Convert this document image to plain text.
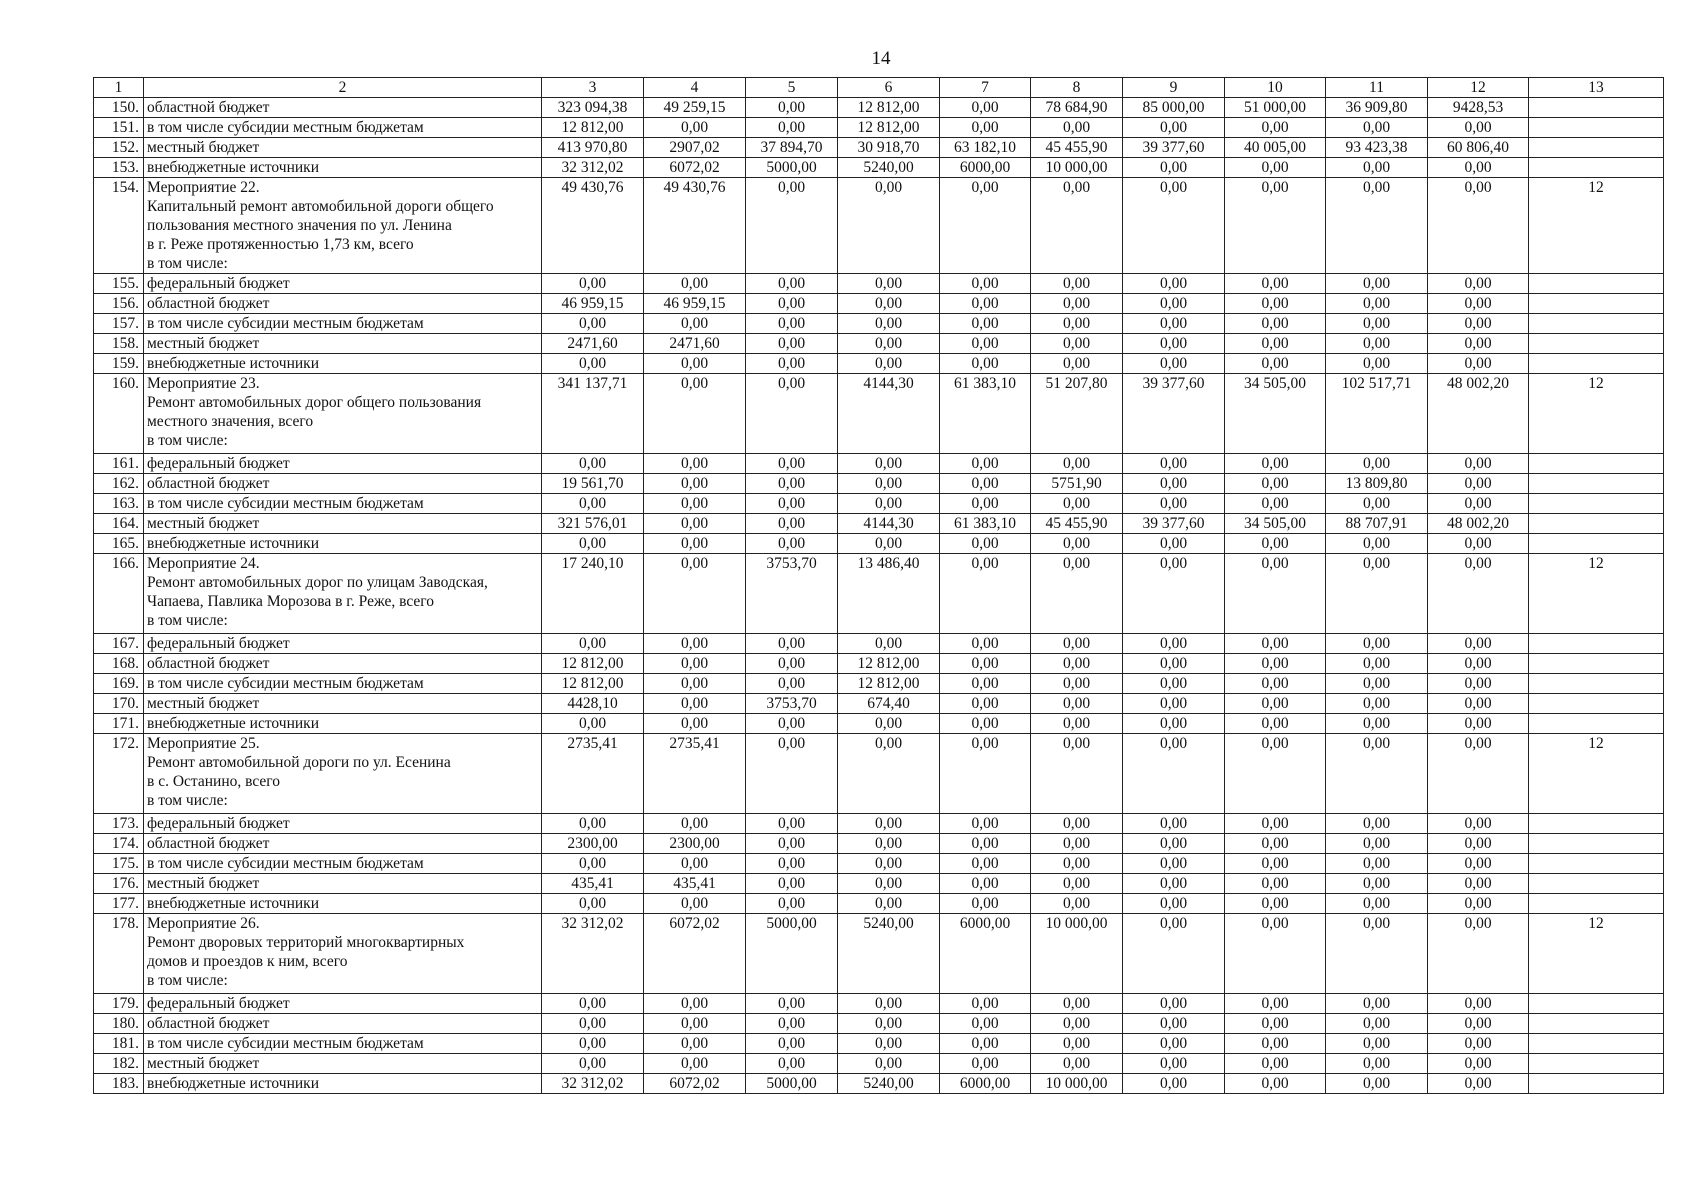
14
1	2	3	4	5	6	7	8	9	10	11	12	13
150.	областной бюджет	323 094,38	49 259,15	0,00	12 812,00	0,00	78 684,90	85 000,00	51 000,00	36 909,80	9428,53	
151.	в том числе субсидии местным бюджетам	12 812,00	0,00	0,00	12 812,00	0,00	0,00	0,00	0,00	0,00	0,00	
152.	местный бюджет	413 970,80	2907,02	37 894,70	30 918,70	63 182,10	45 455,90	39 377,60	40 005,00	93 423,38	60 806,40	
153.	внебюджетные источники	32 312,02	6072,02	5000,00	5240,00	6000,00	10 000,00	0,00	0,00	0,00	0,00	
154.	Мероприятие 22.
Капитальный ремонт автомобильной дороги общего
пользования местного значения по ул. Ленина
в г. Реже протяженностью 1,73 км, всего
в том числе:	49 430,76	49 430,76	0,00	0,00	0,00	0,00	0,00	0,00	0,00	0,00	12
155.	федеральный бюджет	0,00	0,00	0,00	0,00	0,00	0,00	0,00	0,00	0,00	0,00	
156.	областной бюджет	46 959,15	46 959,15	0,00	0,00	0,00	0,00	0,00	0,00	0,00	0,00	
157.	в том числе субсидии местным бюджетам	0,00	0,00	0,00	0,00	0,00	0,00	0,00	0,00	0,00	0,00	
158.	местный бюджет	2471,60	2471,60	0,00	0,00	0,00	0,00	0,00	0,00	0,00	0,00	
159.	внебюджетные источники	0,00	0,00	0,00	0,00	0,00	0,00	0,00	0,00	0,00	0,00	
160.	Мероприятие 23.
Ремонт автомобильных дорог общего пользования
местного значения, всего
в том числе:	341 137,71	0,00	0,00	4144,30	61 383,10	51 207,80	39 377,60	34 505,00	102 517,71	48 002,20	12
161.	федеральный бюджет	0,00	0,00	0,00	0,00	0,00	0,00	0,00	0,00	0,00	0,00	
162.	областной бюджет	19 561,70	0,00	0,00	0,00	0,00	5751,90	0,00	0,00	13 809,80	0,00	
163.	в том числе субсидии местным бюджетам	0,00	0,00	0,00	0,00	0,00	0,00	0,00	0,00	0,00	0,00	
164.	местный бюджет	321 576,01	0,00	0,00	4144,30	61 383,10	45 455,90	39 377,60	34 505,00	88 707,91	48 002,20	
165.	внебюджетные источники	0,00	0,00	0,00	0,00	0,00	0,00	0,00	0,00	0,00	0,00	
166.	Мероприятие 24.
Ремонт автомобильных дорог по улицам Заводская,
Чапаева, Павлика Морозова в г. Реже, всего
в том числе:	17 240,10	0,00	3753,70	13 486,40	0,00	0,00	0,00	0,00	0,00	0,00	12
167.	федеральный бюджет	0,00	0,00	0,00	0,00	0,00	0,00	0,00	0,00	0,00	0,00	
168.	областной бюджет	12 812,00	0,00	0,00	12 812,00	0,00	0,00	0,00	0,00	0,00	0,00	
169.	в том числе субсидии местным бюджетам	12 812,00	0,00	0,00	12 812,00	0,00	0,00	0,00	0,00	0,00	0,00	
170.	местный бюджет	4428,10	0,00	3753,70	674,40	0,00	0,00	0,00	0,00	0,00	0,00	
171.	внебюджетные источники	0,00	0,00	0,00	0,00	0,00	0,00	0,00	0,00	0,00	0,00	
172.	Мероприятие 25.
Ремонт автомобильной дороги по ул. Есенина
в с. Останино, всего
в том числе:	2735,41	2735,41	0,00	0,00	0,00	0,00	0,00	0,00	0,00	0,00	12
173.	федеральный бюджет	0,00	0,00	0,00	0,00	0,00	0,00	0,00	0,00	0,00	0,00	
174.	областной бюджет	2300,00	2300,00	0,00	0,00	0,00	0,00	0,00	0,00	0,00	0,00	
175.	в том числе субсидии местным бюджетам	0,00	0,00	0,00	0,00	0,00	0,00	0,00	0,00	0,00	0,00	
176.	местный бюджет	435,41	435,41	0,00	0,00	0,00	0,00	0,00	0,00	0,00	0,00	
177.	внебюджетные источники	0,00	0,00	0,00	0,00	0,00	0,00	0,00	0,00	0,00	0,00	
178.	Мероприятие 26.
Ремонт дворовых территорий многоквартирных
домов и проездов к ним, всего
в том числе:	32 312,02	6072,02	5000,00	5240,00	6000,00	10 000,00	0,00	0,00	0,00	0,00	12
179.	федеральный бюджет	0,00	0,00	0,00	0,00	0,00	0,00	0,00	0,00	0,00	0,00	
180.	областной бюджет	0,00	0,00	0,00	0,00	0,00	0,00	0,00	0,00	0,00	0,00	
181.	в том числе субсидии местным бюджетам	0,00	0,00	0,00	0,00	0,00	0,00	0,00	0,00	0,00	0,00	
182.	местный бюджет	0,00	0,00	0,00	0,00	0,00	0,00	0,00	0,00	0,00	0,00	
183.	внебюджетные источники	32 312,02	6072,02	5000,00	5240,00	6000,00	10 000,00	0,00	0,00	0,00	0,00	
